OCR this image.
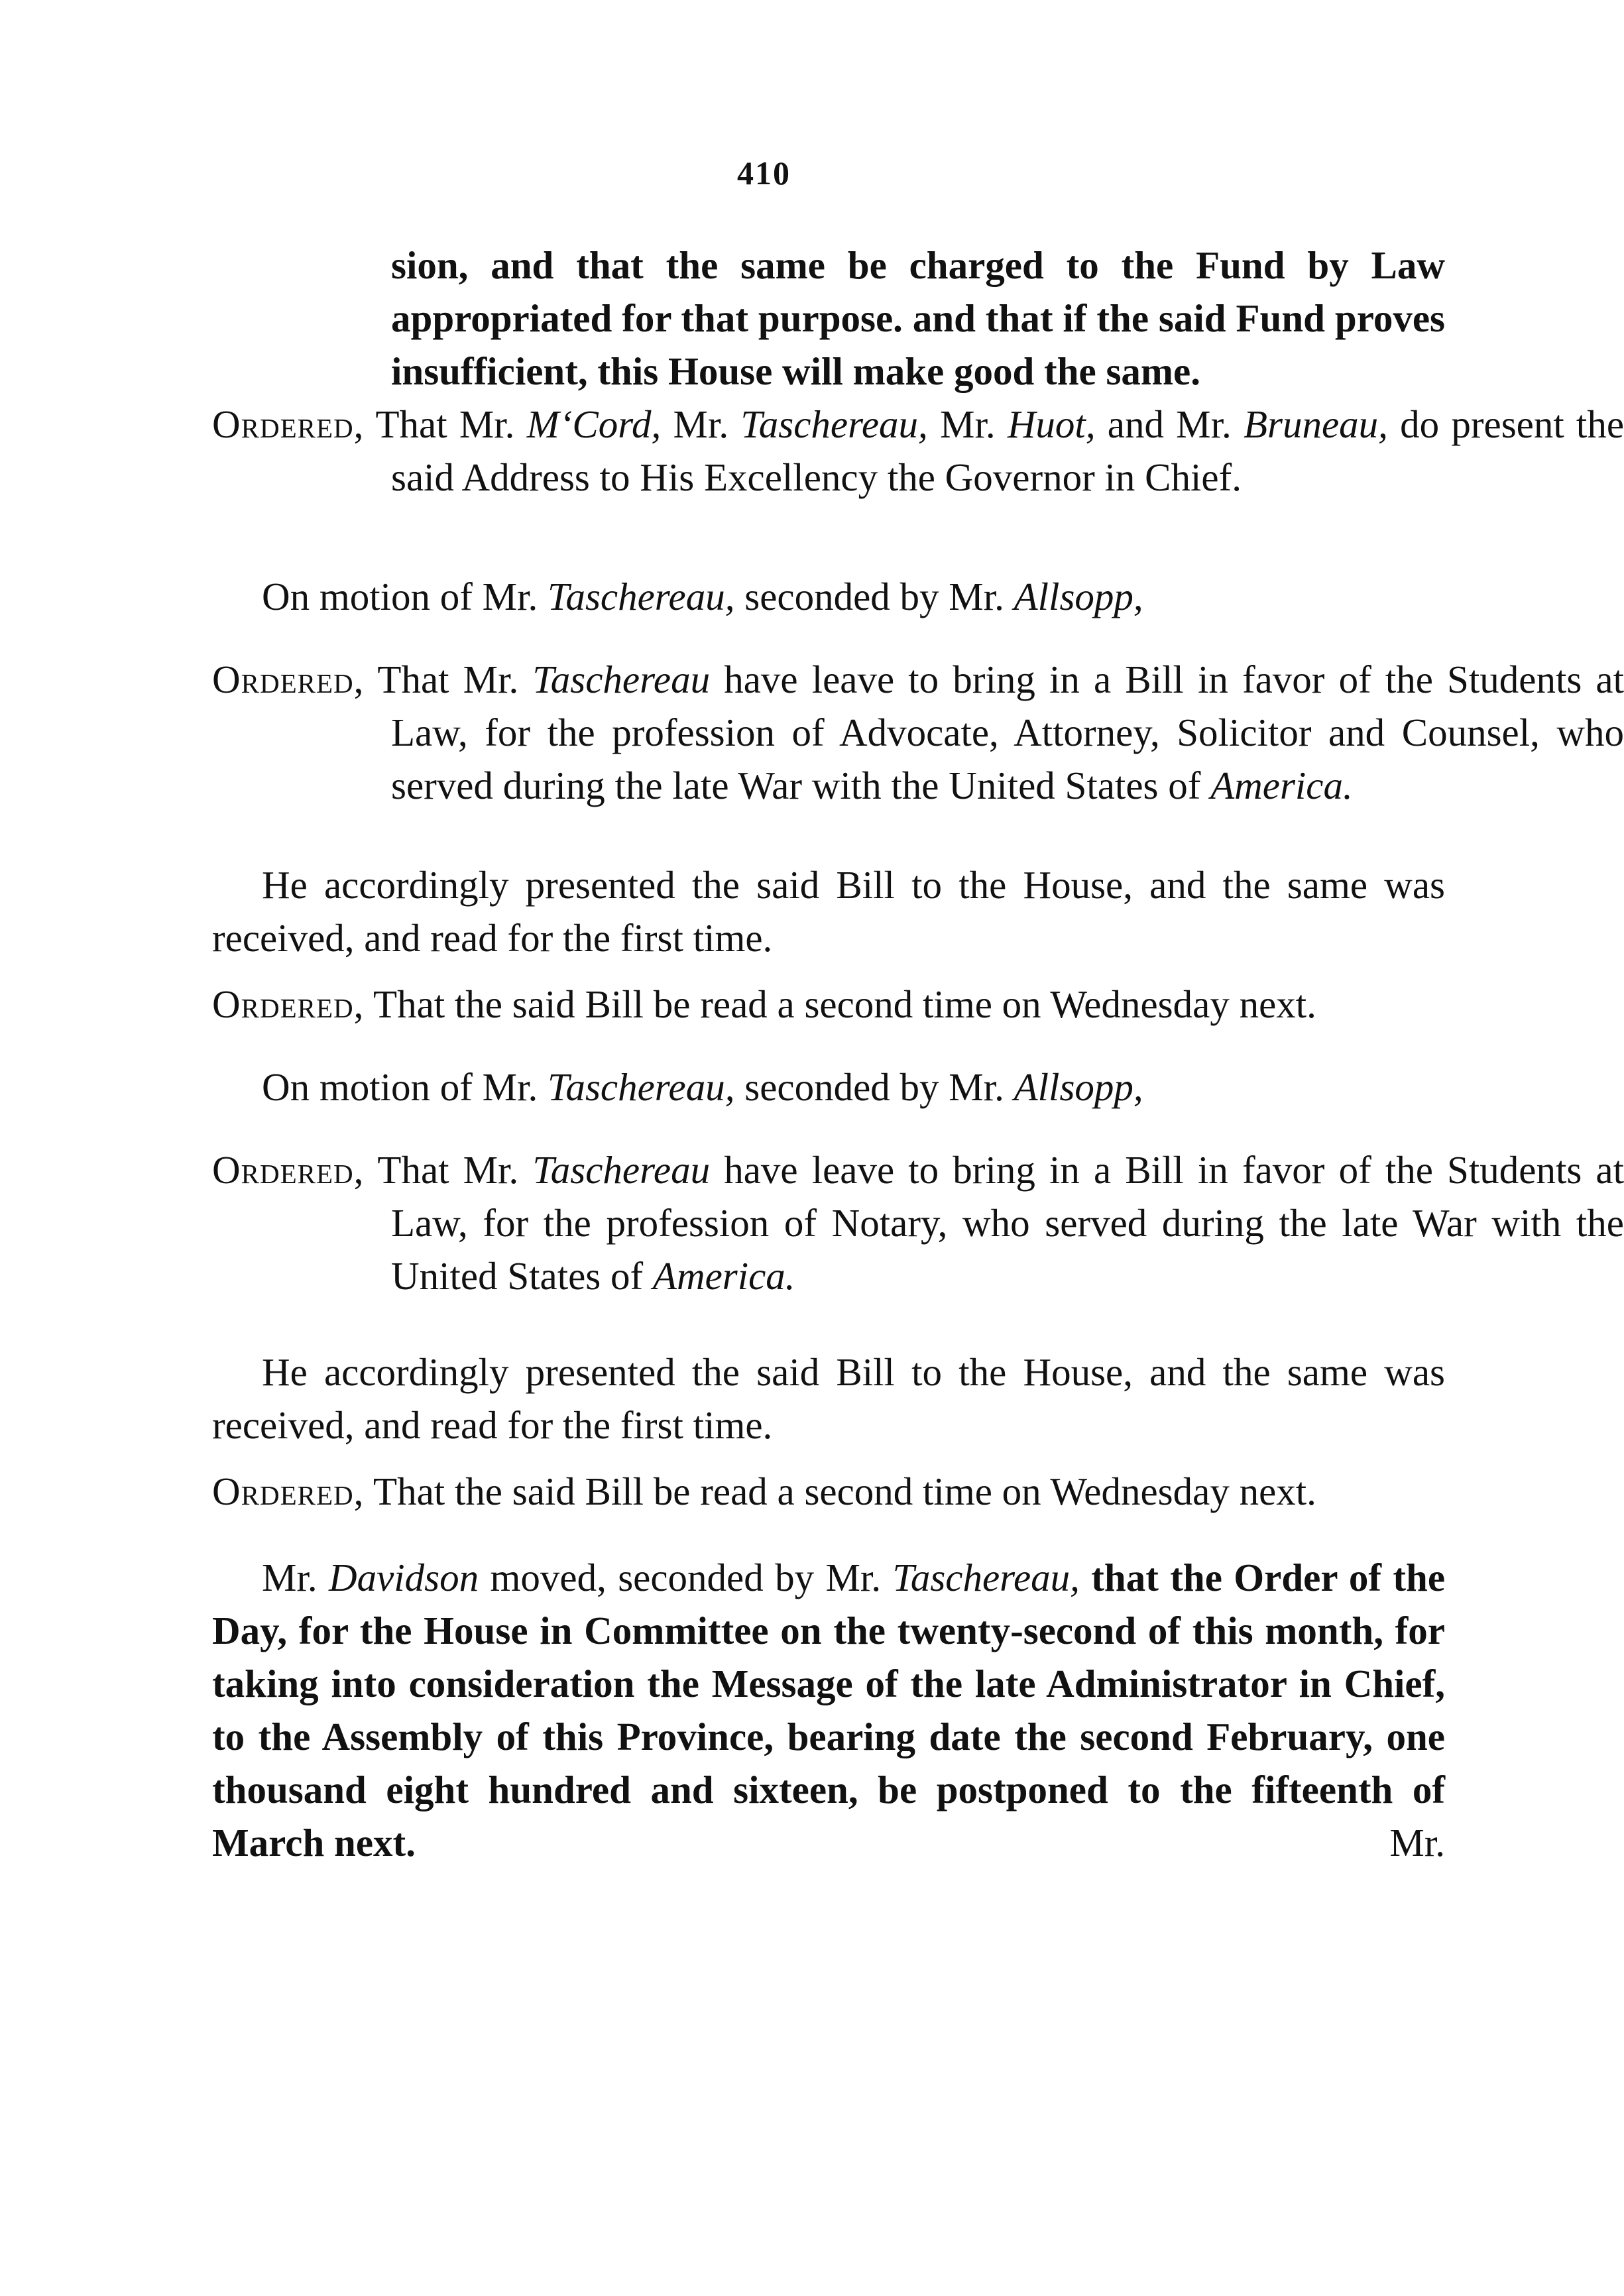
410
sion, and that the same be charged to the Fund by Law appropriated for that purpose. and that if the said Fund proves insufficient, this House will make good the same.
Ordered, That Mr. M‘Cord, Mr. Taschereau, Mr. Huot, and Mr. Bruneau, do present the said Address to His Excellency the Governor in Chief.
On motion of Mr. Taschereau, seconded by Mr. Allsopp,
Ordered, That Mr. Taschereau have leave to bring in a Bill in favor of the Students at Law, for the profession of Advocate, Attorney, Solicitor and Counsel, who served during the late War with the United States of America.
He accordingly presented the said Bill to the House, and the same was received, and read for the first time.
Ordered, That the said Bill be read a second time on Wednesday next.
On motion of Mr. Taschereau, seconded by Mr. Allsopp,
Ordered, That Mr. Taschereau have leave to bring in a Bill in favor of the Students at Law, for the profession of Notary, who served during the late War with the United States of America.
He accordingly presented the said Bill to the House, and the same was received, and read for the first time.
Ordered, That the said Bill be read a second time on Wednesday next.
Mr. Davidson moved, seconded by Mr. Taschereau, that the Order of the Day, for the House in Committee on the twenty-second of this month, for taking into consideration the Message of the late Administrator in Chief, to the Assembly of this Province, bearing date the second February, one thousand eight hundred and sixteen, be postponed to the fifteenth of March next.	Mr.
